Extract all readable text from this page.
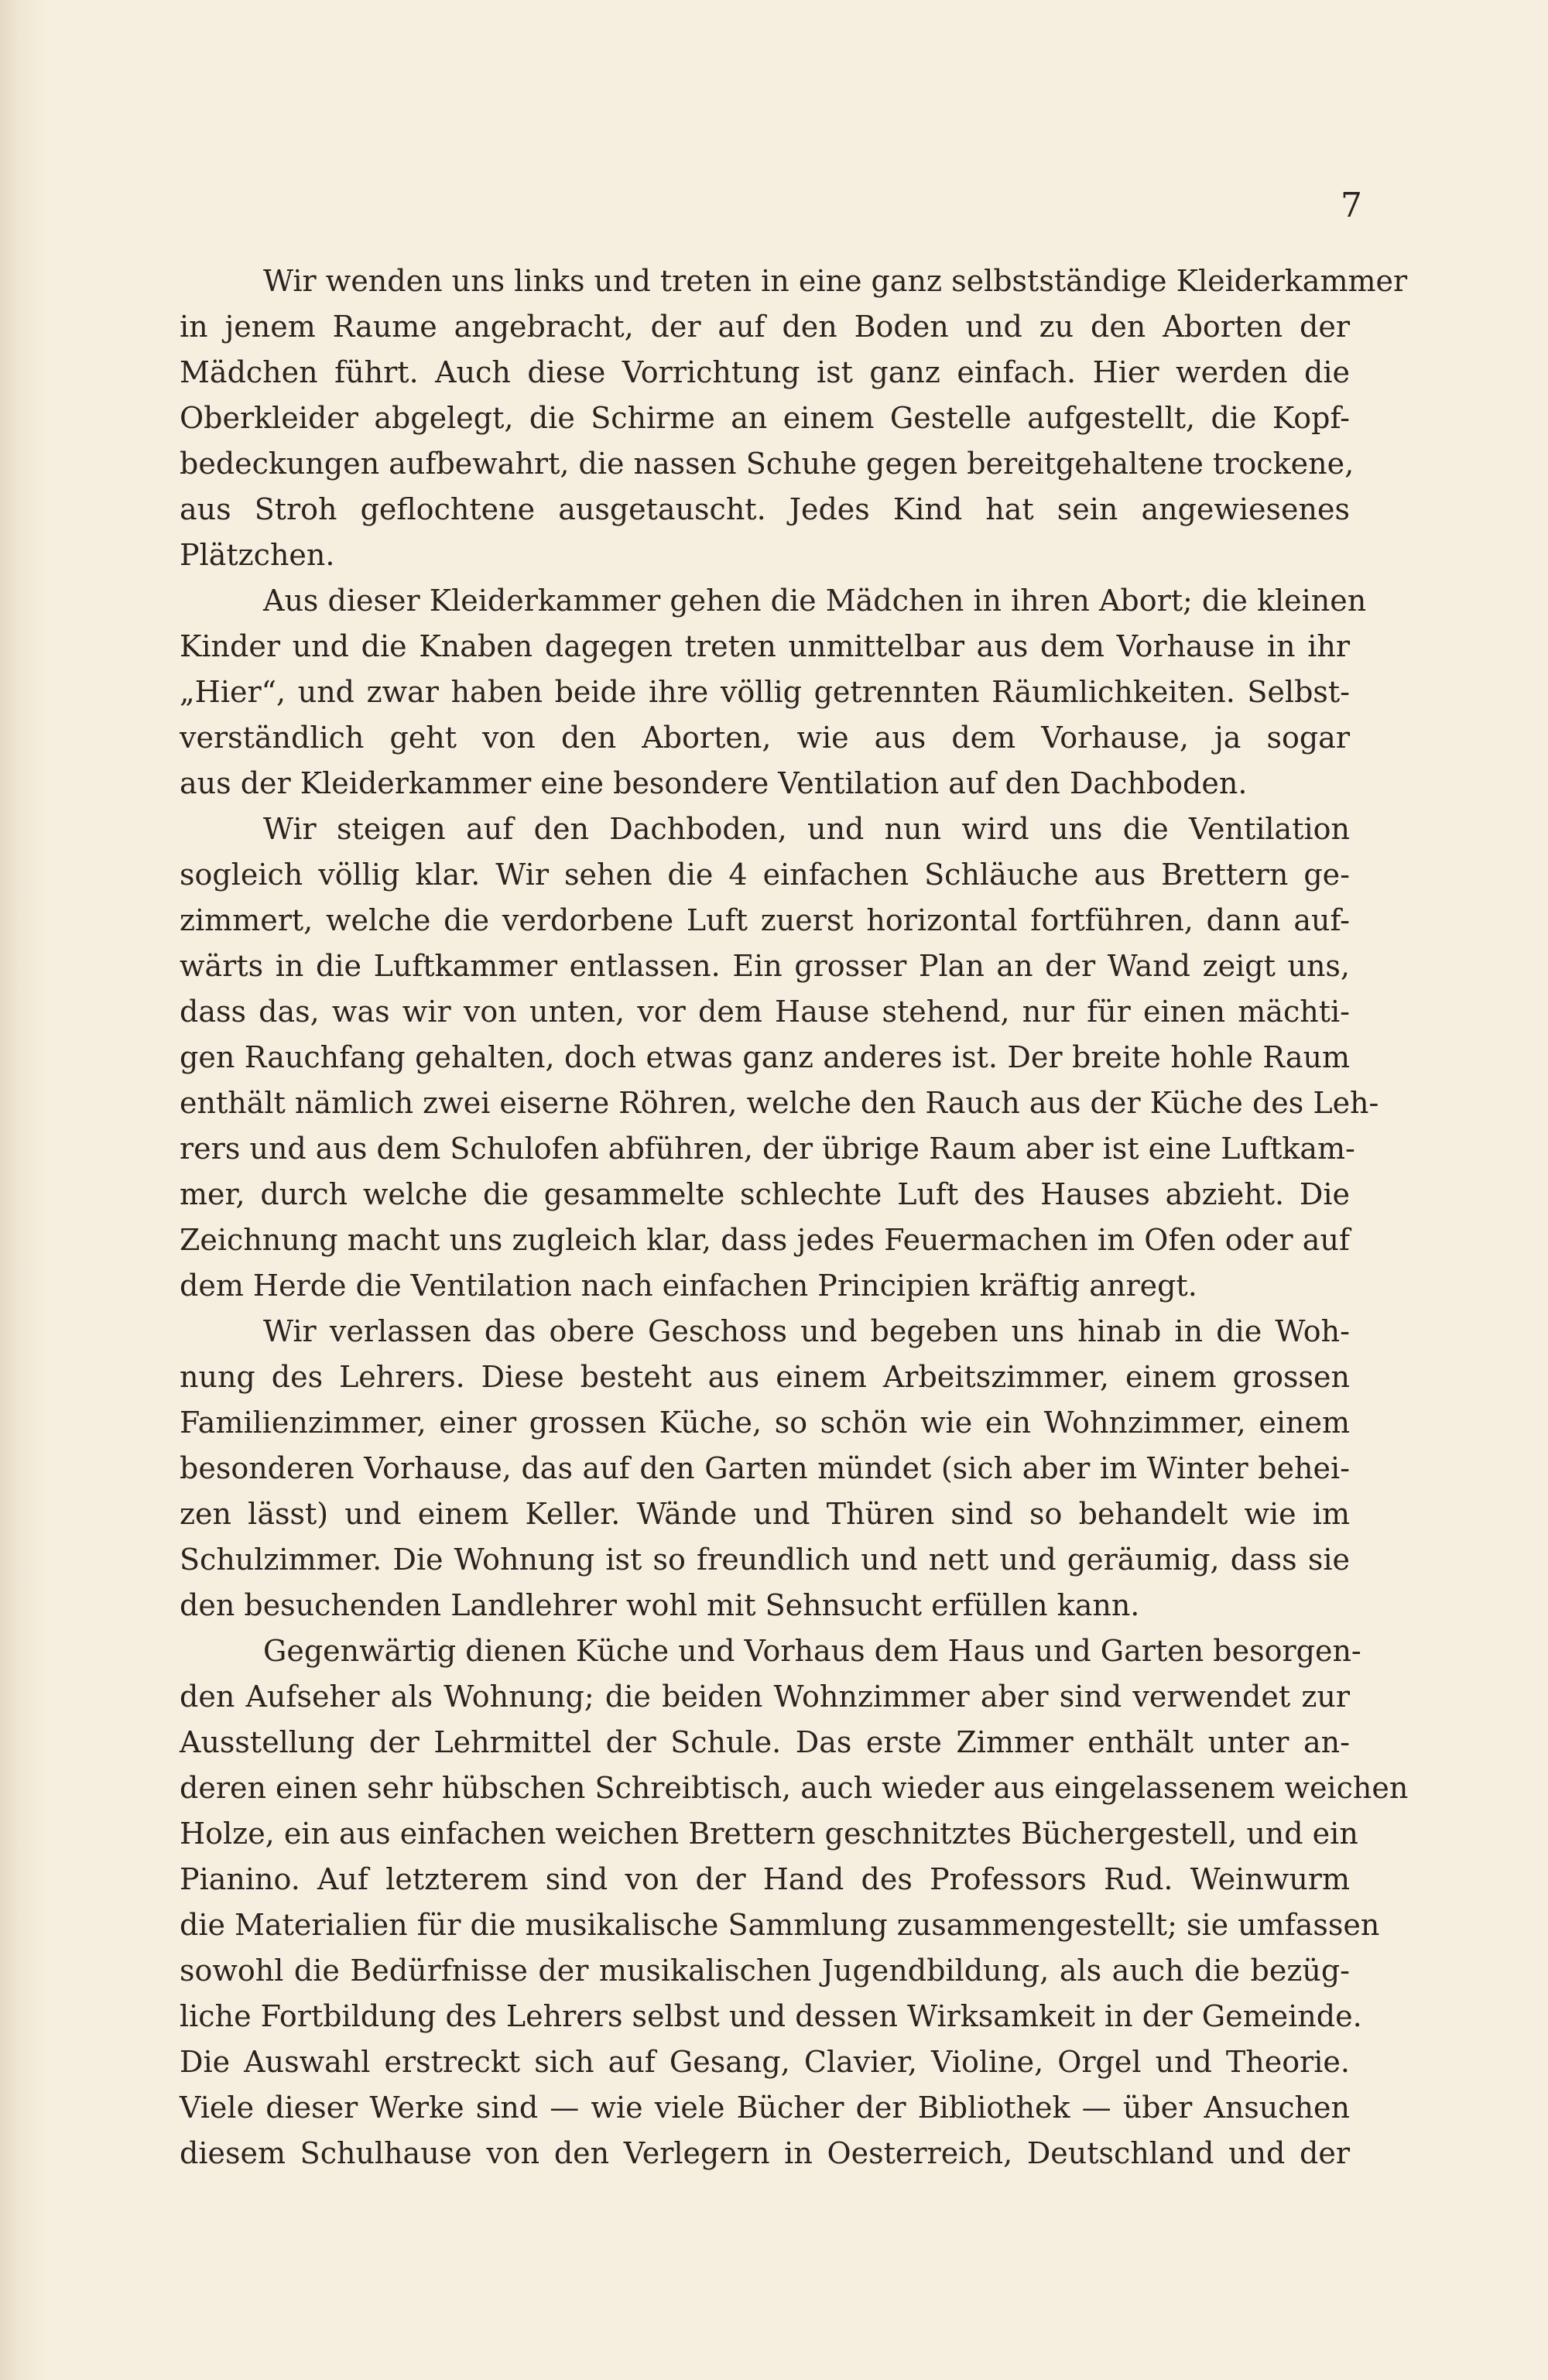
7
Wir wenden uns links und treten in eine ganz selbstständige Kleiderkammer
in jenem Raume angebracht, der auf den Boden und zu den Aborten der
Mädchen führt. Auch diese Vorrichtung ist ganz einfach. Hier werden die
Oberkleider abgelegt, die Schirme an einem Gestelle aufgestellt, die Kopf-
bedeckungen aufbewahrt, die nassen Schuhe gegen bereitgehaltene trockene,
aus Stroh geflochtene ausgetauscht. Jedes Kind hat sein angewiesenes
Plätzchen.
Aus dieser Kleiderkammer gehen die Mädchen in ihren Abort; die kleinen
Kinder und die Knaben dagegen treten unmittelbar aus dem Vorhause in ihr
„Hier“, und zwar haben beide ihre völlig getrennten Räumlichkeiten. Selbst-
verständlich geht von den Aborten, wie aus dem Vorhause, ja sogar
aus der Kleiderkammer eine besondere Ventilation auf den Dachboden.
Wir steigen auf den Dachboden, und nun wird uns die Ventilation
sogleich völlig klar. Wir sehen die 4 einfachen Schläuche aus Brettern ge-
zimmert, welche die verdorbene Luft zuerst horizontal fortführen, dann auf-
wärts in die Luftkammer entlassen. Ein grosser Plan an der Wand zeigt uns,
dass das, was wir von unten, vor dem Hause stehend, nur für einen mächti-
gen Rauchfang gehalten, doch etwas ganz anderes ist. Der breite hohle Raum
enthält nämlich zwei eiserne Röhren, welche den Rauch aus der Küche des Leh-
rers und aus dem Schulofen abführen, der übrige Raum aber ist eine Luftkam-
mer, durch welche die gesammelte schlechte Luft des Hauses abzieht. Die
Zeichnung macht uns zugleich klar, dass jedes Feuermachen im Ofen oder auf
dem Herde die Ventilation nach einfachen Principien kräftig anregt.
Wir verlassen das obere Geschoss und begeben uns hinab in die Woh-
nung des Lehrers. Diese besteht aus einem Arbeitszimmer, einem grossen
Familienzimmer, einer grossen Küche, so schön wie ein Wohnzimmer, einem
besonderen Vorhause, das auf den Garten mündet (sich aber im Winter behei-
zen lässt) und einem Keller. Wände und Thüren sind so behandelt wie im
Schulzimmer. Die Wohnung ist so freundlich und nett und geräumig, dass sie
den besuchenden Landlehrer wohl mit Sehnsucht erfüllen kann.
Gegenwärtig dienen Küche und Vorhaus dem Haus und Garten besorgen-
den Aufseher als Wohnung; die beiden Wohnzimmer aber sind verwendet zur
Ausstellung der Lehrmittel der Schule. Das erste Zimmer enthält unter an-
deren einen sehr hübschen Schreibtisch, auch wieder aus eingelassenem weichen
Holze, ein aus einfachen weichen Brettern geschnitztes Büchergestell, und ein
Pianino. Auf letzterem sind von der Hand des Professors Rud. Weinwurm
die Materialien für die musikalische Sammlung zusammengestellt; sie umfassen
sowohl die Bedürfnisse der musikalischen Jugendbildung, als auch die bezüg-
liche Fortbildung des Lehrers selbst und dessen Wirksamkeit in der Gemeinde.
Die Auswahl erstreckt sich auf Gesang, Clavier, Violine, Orgel und Theorie.
Viele dieser Werke sind — wie viele Bücher der Bibliothek — über Ansuchen
diesem Schulhause von den Verlegern in Oesterreich, Deutschland und der
